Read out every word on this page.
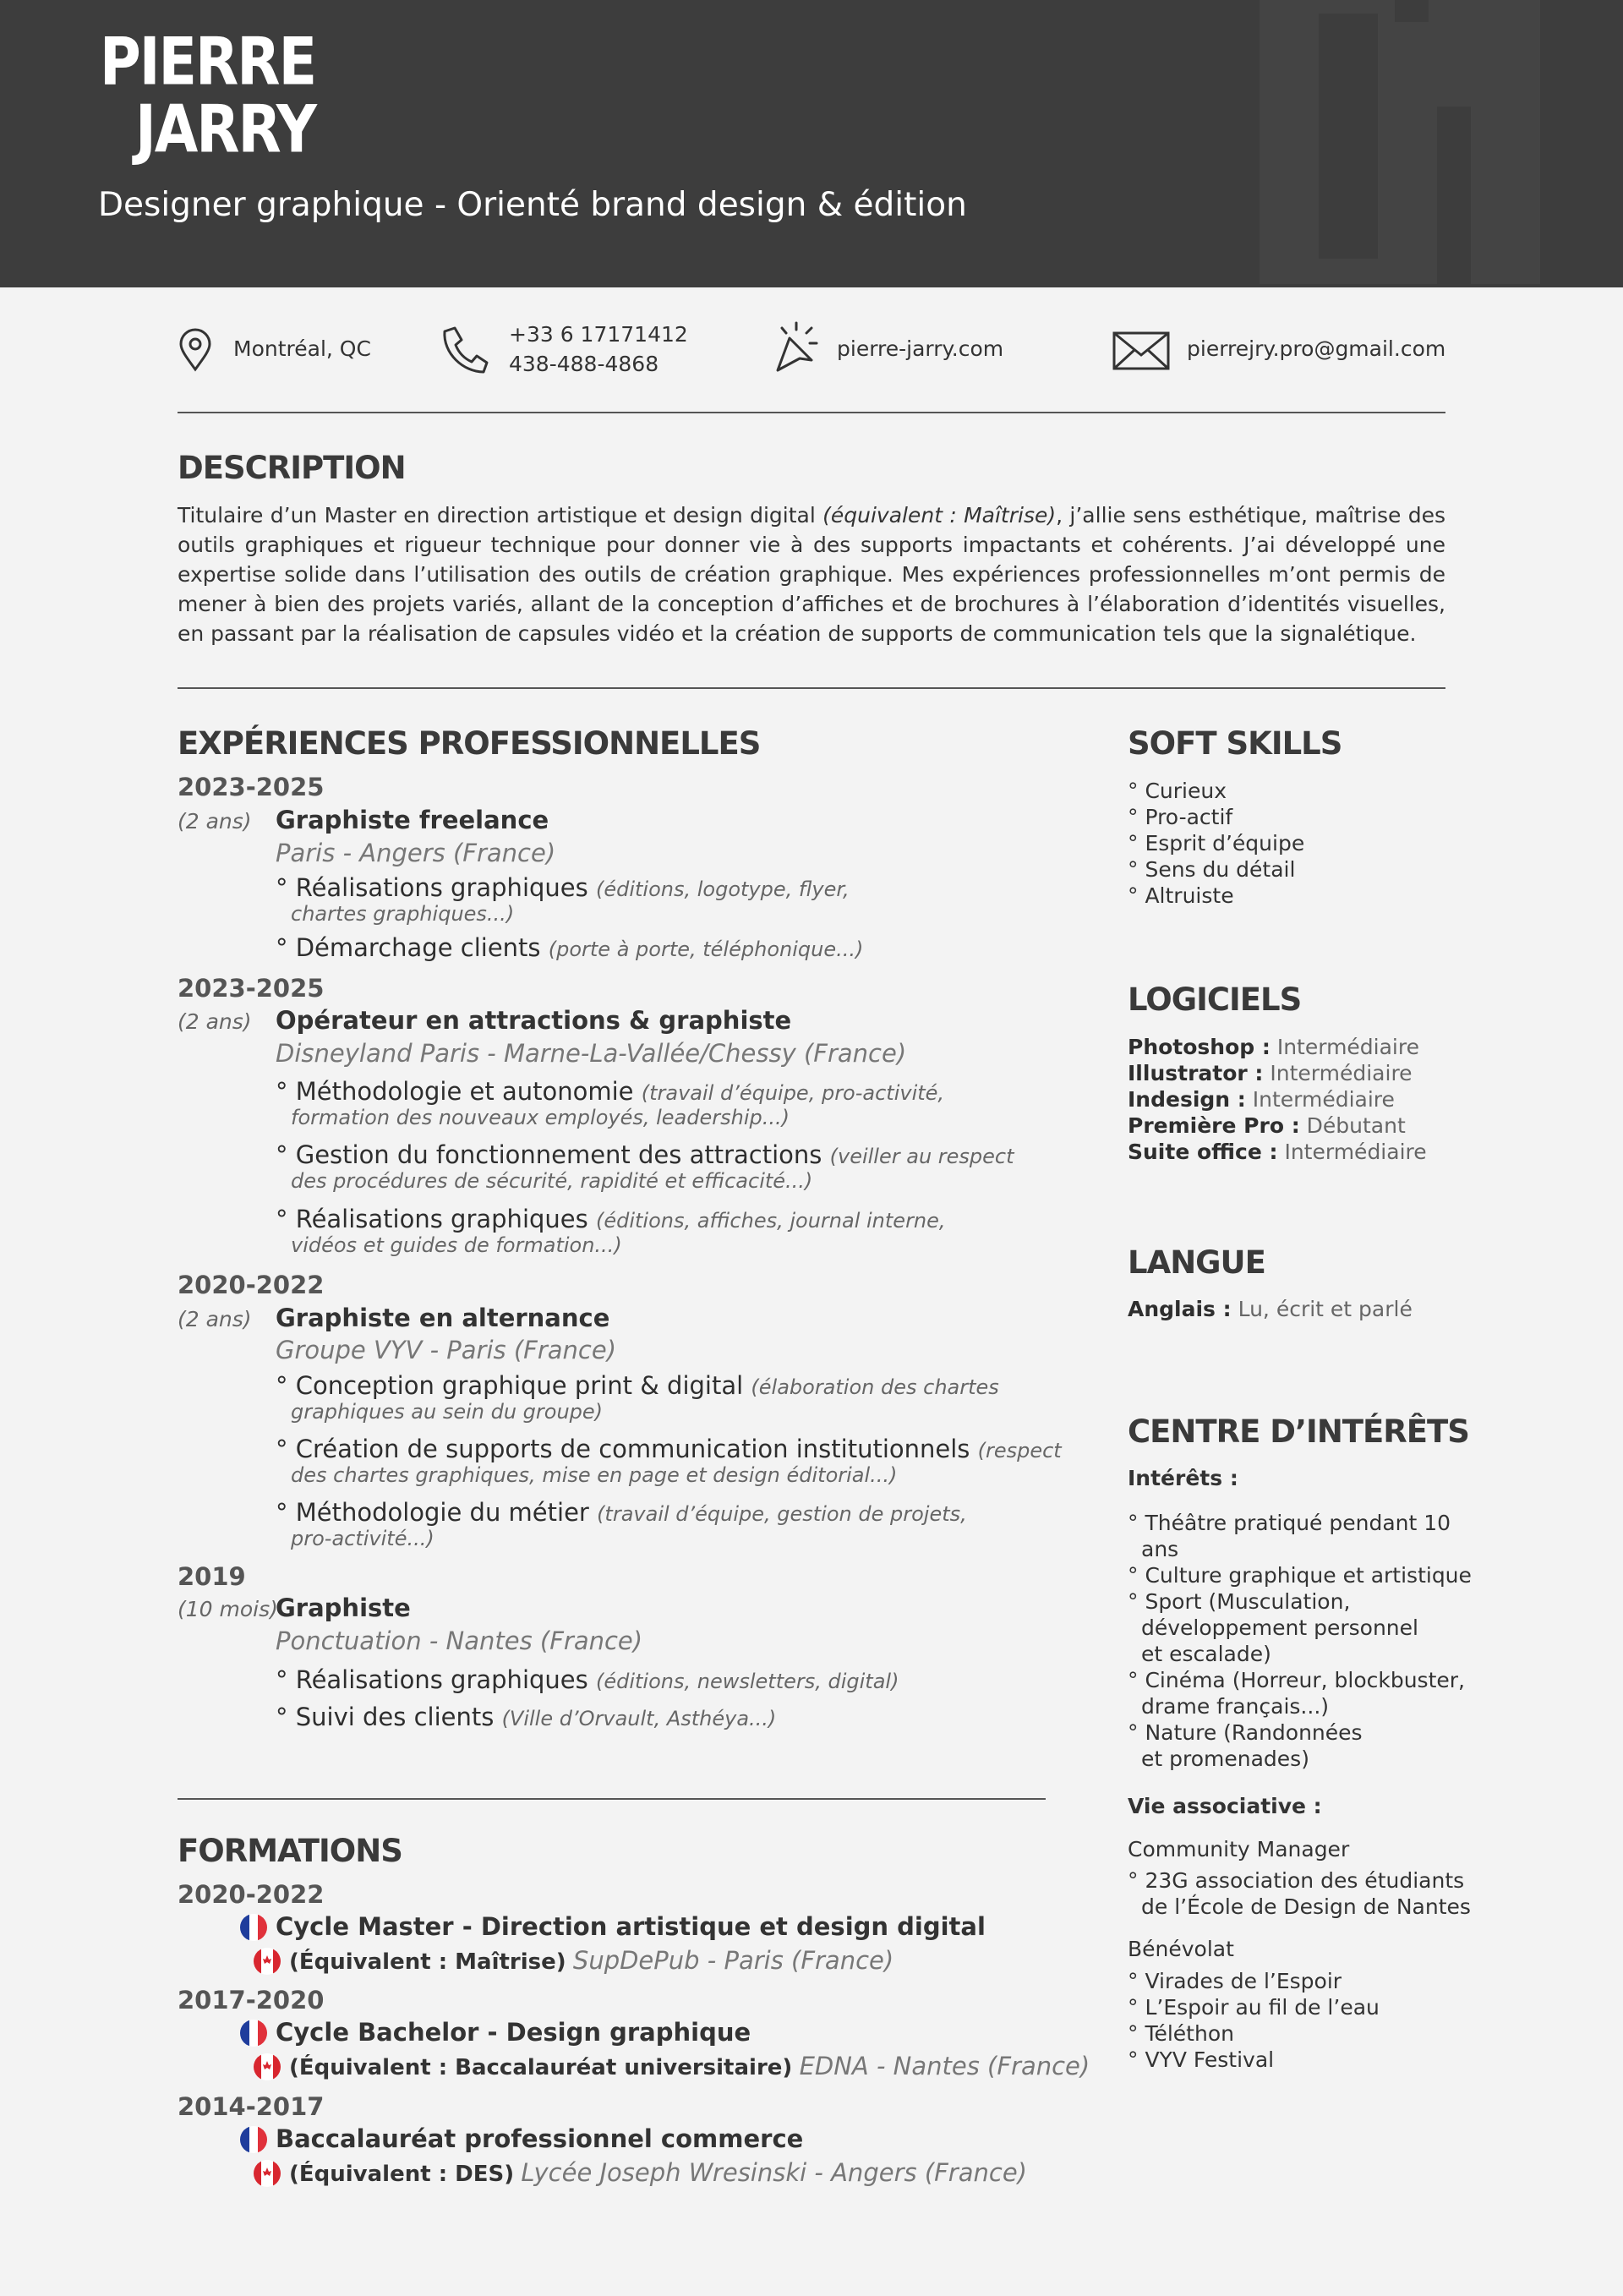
PIERRE
JARRY
Designer graphique - Orienté brand design & édition
Montréal, QC
+33 6 17171412
438-488-4868
pierre-jarry.com	pierrejry.pro@gmail.com
DESCRIPTION
Titulaire d’un Master en direction artistique et design digital (équivalent : Maîtrise), j’allie sens esthétique, maîtrise des outils graphiques et rigueur technique pour donner vie à des supports impactants et cohérents. J’ai développé une expertise solide dans l’utilisation des outils de création graphique. Mes expériences professionnelles m’ont permis de mener à bien des projets variés, allant de la conception d’affiches et de brochures à l’élaboration d’identités visuelles, en passant par la réalisation de capsules vidéo et la création de supports de communication tels que la signalétique.
EXPÉRIENCES PROFESSIONNELLES
2023-2025
(2 ans) Graphiste freelance
Paris - Angers (France)
° Réalisations graphiques (éditions, logotype, flyer,
chartes graphiques...)
° Démarchage clients (porte à porte, téléphonique...)
2023-2025
(2 ans) Opérateur en attractions & graphiste
Disneyland Paris - Marne-La-Vallée/Chessy (France)
° Méthodologie et autonomie (travail d’équipe, pro-activité,
formation des nouveaux employés, leadership...)
° Gestion du fonctionnement des attractions (veiller au respect
des procédures de sécurité, rapidité et efficacité...)
° Réalisations graphiques (éditions, affiches, journal interne,
vidéos et guides de formation...)
2020-2022
(2 ans) Graphiste en alternance
Groupe VYV - Paris (France)
° Conception graphique print & digital (élaboration des chartes
graphiques au sein du groupe)
° Création de supports de communication institutionnels (respect
des chartes graphiques, mise en page et design éditorial...)
° Méthodologie du métier (travail d’équipe, gestion de projets,
pro-activité...)
2019
(10 mois)
Graphiste
Ponctuation - Nantes (France)
° Réalisations graphiques (éditions, newsletters, digital)
° Suivi des clients (Ville d’Orvault, Asthéya...)
FORMATIONS
2020-2022
Cycle Master - Direction artistique et design digital
(Équivalent : Maîtrise) SupDePub - Paris (France)
2017-2020
Cycle Bachelor - Design graphique
(Équivalent : Baccalauréat universitaire) EDNA - Nantes (France)
2014-2017
Baccalauréat professionnel commerce
(Équivalent : DES) Lycée Joseph Wresinski - Angers (France)
SOFT SKILLS
° Curieux
° Pro-actif
° Esprit d’équipe
° Sens du détail
° Altruiste
LOGICIELS
Photoshop : Intermédiaire
Illustrator : Intermédiaire
Indesign : Intermédiaire
Première Pro : Débutant
Suite office : Intermédiaire
LANGUE
Anglais : Lu, écrit et parlé
CENTRE D’INTÉRÊTS
Intérêts :
° Théâtre pratiqué pendant 10
ans
° Culture graphique et artistique
° Sport (Musculation,
développement personnel
et escalade)
° Cinéma (Horreur, blockbuster,
drame français...)
° Nature (Randonnées
et promenades)
Vie associative :
Community Manager
° 23G association des étudiants
de l’École de Design de Nantes
Bénévolat
° Virades de l’Espoir
° L’Espoir au fil de l’eau
° Téléthon
° VYV Festival
